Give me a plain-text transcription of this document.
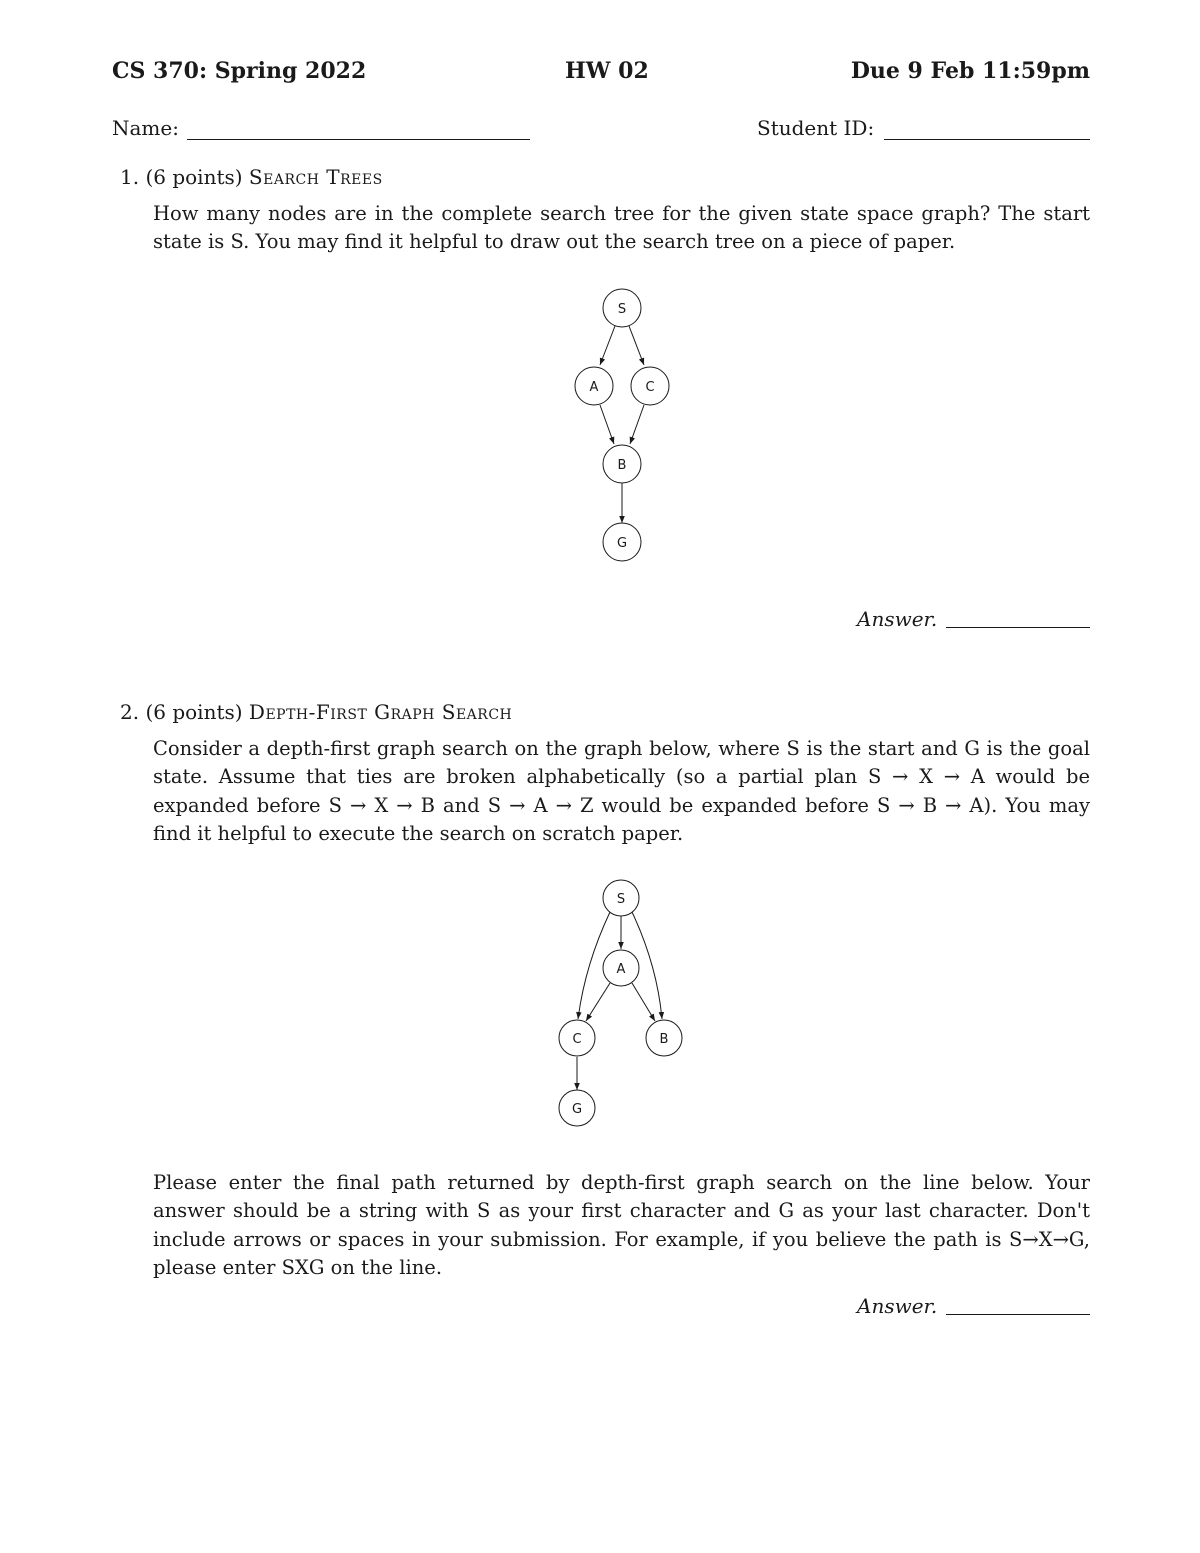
CS 370: Spring 2022	HW 02	Due 9 Feb 11:59pm
Name:	Student ID:
1. (6 points) Search Trees
How many nodes are in the complete search tree for the given state space graph? The start state is S. You may find it helpful to draw out the search tree on a piece of paper.
S
A	C
B
G
Answer.
2. (6 points) Depth-First Graph Search
Consider a depth-first graph search on the graph below, where S is the start and G is the goal state. Assume that ties are broken alphabetically (so a partial plan S → X → A would be expanded before S → X → B and S → A → Z would be expanded before S → B → A). You may find it helpful to execute the search on scratch paper.
S
A
C	B
G
Please enter the final path returned by depth-first graph search on the line below. Your answer should be a string with S as your first character and G as your last character. Don't include arrows or spaces in your submission. For example, if you believe the path is S→X→G, please enter SXG on the line.
Answer.
